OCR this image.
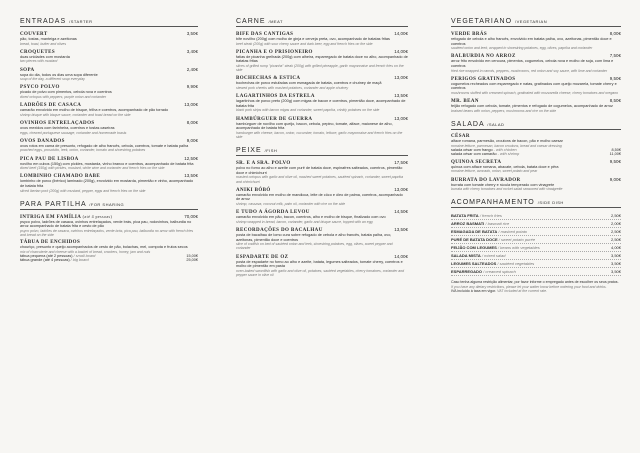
ENTRADAS /STARTER
COUVERT	3,50€
pão, tostas, manteiga e azeitonas
bread, toast, butter and olives
CROQUETES	3,40€
duas unidades com mostarda
two pieces with mustard
SOPA	2,40€
sopa do dia, todos os dias uma sopa diferente
soup of the day, a different soup everyday
PSYCO POLVO	9,90€
picado de polvo com pimentos, cebola roxa e coentros
diced octopus with peppers, purple onion and coriander
LADRÕES DE CASACA	13,00€
camarão envolvido em molho de bisque, trilha e coentros, acompanhado de pão torrado
shrimp bisque with bisque sauce, coriander and toast bread on the side
OVINHOS ENTRELAÇADOS	8,00€
ovos mexidos com farinheira, coentros e tostas caseiras
eggs, chewed portuguese sausage, coriander and homemade toasts
OVOS DANADOS	9,00€
ovos rotos em cama de presunto, refogado de alho francês, cebola, coentros, tomate e batata palha
poached eggs, prosciutto, leek, onion, coriander, tomato and shoestring potatoes
PICA PAU DE LISBOA	12,50€
novilho em cubos (150g) com pickles, mostarda, vinho branco e coentros, acompanhado de batata frita
diced beef (150g) with pickles, mustard, white wine and coriander and french fries on the side
LOMBINHO CHAMADO BABE	13,50€
lombinho de porco (ibérico) laminado (200g), envolvido em mostarda, pimentão e vinho, acompanhado de batata frita
sliced iberian pork (200g) with mustard, pepper, eggs and french fries on the side
PARA PARTILHA /FOR SHARING
INTRIGA EM FAMÍLIA (até 4 pessoas)	70,00€
psyco polvo, ladrões de casaca, ovinhos entrelaçados, verde brás, pica pau, rodovinhos, balburdia no arroz acompanhado de batata frita e cesto de pão
psyco polvo, ladrões de casaca, ovinhos entrelaçados, verde brás, pica pau, balburdia no arroz with french fries and bread on the side
TÁBUA DE ENCHIDOS
chouriço, presunto e queijo acompanhados de cesto de pão, bolachas, mel, compota e frutos secos
mix of charcuterie and cheese with a basket of bread, crackers, honey, jam and nuts
tábua pequena (até 2 pessoas) / small board	15,00€
tábua grande (até 4 pessoas) / big board	25,00€
CARNE /MEAT
BIFE DAS CANTIGAS	14,00€
bife novilho (200g) com molho de ginja e cerveja preta, ovo, acompanhado de batatas fritas
beef steak (200g) with sour cherry sauce and dark beer, egg and french fries on the side
PICANHA E O PRISIONEIRO	14,00€
fatias de picanha grelhada (200g) com alheira, esparregado de batata doce no alho, acompanhado de batatas fritas
slices of grilled rump "picanha" steak (200g) with grilled pineapple, garlic mayonnaise and french fries on the side
BOCHECHAS & ESTICA	13,00€
bochechas de porco estufadas com esmagada de batata, coentros e chutney de maçã
stewed pork cheeks with mashed potatoes, coriander and apple chutney
LAGARTINHOS DA ESTRELA	13,50€
lagartinhos de porco preto (200g) com migas de bacon e coentros, pimentão doce, acompanhado de batata frita
black pork strips with bacon migas and coriander, sweet paprika, crinkly potatoes on the side
HAMBÚRGUER DE GUERRA	13,00€
hambúrguer de novilho com queijo, bacon, cebola, pepino, tomate, alface, maionese de alho, acompanhado de batata frita
hamburger with cheese, bacon, onion, cucumber, tomato, lettuce, garlic mayonnaise and french fries on the side
PEIXE /FISH
SR. E A SRA. POLVO	17,50€
polvo no forno ao alho e azeite com purê de batata doce, espinafres salteados, coentros, pimentão doce e chimichurri
roasted octopus with garlic and olive oil, mashed sweet potatoes, sautéed spinach, coriander, sweet paprika and chimichurri
ANIKI BÓBÓ	13,00€
camarão envolvido em molho de mandioca, leite de côco e óleo de palma, coentros, acompanhado de arroz
shrimp, cassava, coconut milk, palm oil, coriander with rice on the side
E TUDO A ÁGORDA LEVOU	14,50€
camarão envolvido em pão, bacon, coentros, alho e molho de bisque, finalizado com ovo
shrimp wrapped in bread, bacon, coriander, garlic and bisque sauce, topped with an egg
RECORDAÇÕES DO BACALHAU	13,50€
posta de bacalhau de lomo cura sobre refogado de cebola e alho francês, batata palha, ovo, azeitonas, pimentão doce e coentros
slice of codfish on bed of sautéed onion and leek, shoestring potatoes, egg, olives, sweet pepper and coriander
ESPADARTE DE OZ	14,00€
posta de espadarte no forno ao alho e azeite, batata, legumes salteados, tomate cherry, coentros e molho de pimentão em pasta
oven-baked swordfish with garlic and olive oil, potatoes, sautéed vegetables, cherry tomatoes, coriander and pepper sauce in olive oil
VEGETARIANO /VEGETARIAN
VERDE BRÁS	8,00€
refogado de cebola e alho francês, envolvido em batata palha, ovo, azeitonas, pimentão doce e coentros
sautéed onion and leek, wrapped in shoestring potatoes, egg, olives, paprika and coriander
BALBURDIA NO ARROZ	7,50€
arroz frito envolvido em cenoura, pimentos, cogumelos, cebola roxa e molho de soja, com lima e coentros
fried rice wrapped in carrots, peppers, mushrooms, red onion and soy sauce, with lime and coriander
PERIGOS GRATINADOS	9,50€
cogumelos recheados com esparregado e natas, gratinados com queijo mozarela, tomate cherry e coentros
mushrooms stuffed with creamed spinach, gratinated with mozzarella cheese, cherry tomatoes and oregano
MR. BEAN	8,50€
feijão refogado com cebola, tomate, pimentos e refogado de cogumelos, acompanhado de arroz
braised beans with onion, peppers, mushrooms and rice on the side
SALADA /SALAD
CÉSAR
alface romana, parmesão, croutons de bacon, pão e molho caesar
romaine lettuce, parmesan, bacon croutons, bread and caesar dressing
salada césar com frango - with chicken	8,50€
salada césar com camarão - with shrimp	11,00€
QUINOA SECRETA	9,50€
quinoa com alface romana, abacate, cebola, batata doce e pêra
romaine lettuce, avocado, onion, sweet potato and pear
BURRATA DO LAVRADOR	9,00€
burrata com tomate cherry e rúcula temperado com vinagrete
burrata with cherry tomatoes and rocket salad seasoned with vinaigrette
ACOMPANHAMENTO /SIDE DISH
BATATA FRITA / french fries	2,50€
ARROZ BASMATI / basmati rice	2,00€
ESMAGADA DE BATATA / mashed potato	2,50€
PURÉ DE BATATA DOCE / sweet potato purée	2,50€
FEIJÃO COM LEGUMES / beans with vegetables	4,00€
SALADA MISTA / mixed salad	3,50€
LEGUMES SALTEADOS / sautéed vegetables	3,50€
ESPARREGADO / creamed spinach	3,50€
Caso tenha alguma restrição alimentar, por favor informe o empregado antes de escolher os seus pratos.
If you have any dietary restrictions, please let your waiter know before ordering your food and drinks.
IVA incluído à taxa em vigor. VAT included at the current rate.
